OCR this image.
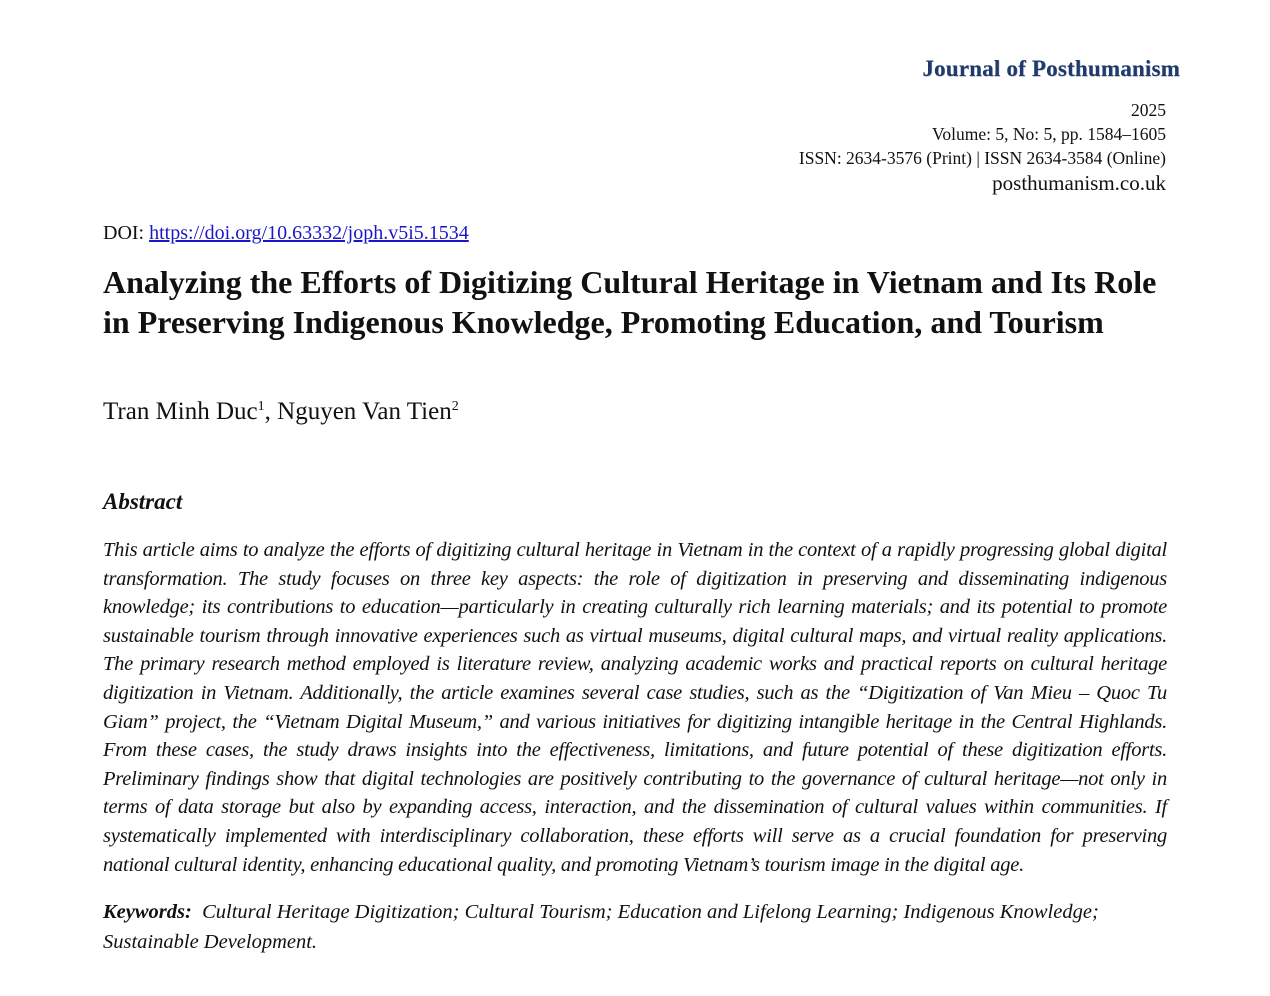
Journal of Posthumanism
2025
Volume: 5, No: 5, pp. 1584–1605
ISSN: 2634-3576 (Print) | ISSN 2634-3584 (Online)
posthumanism.co.uk
DOI: https://doi.org/10.63332/joph.v5i5.1534
Analyzing the Efforts of Digitizing Cultural Heritage in Vietnam and Its Role in Preserving Indigenous Knowledge, Promoting Education, and Tourism
Tran Minh Duc$^1$, Nguyen Van Tien$^2$
Abstract

This article aims to analyze the efforts of digitizing cultural heritage in Vietnam in the context of a rapidly progressing global digital transformation. The study focuses on three key aspects: the role of digitization in preserving and disseminating indigenous knowledge; its contributions to education—particularly in creating culturally rich learning materials; and its potential to promote sustainable tourism through innovative experiences such as virtual museums, digital cultural maps, and virtual reality applications. The primary research method employed is literature review, analyzing academic works and practical reports on cultural heritage digitization in Vietnam. Additionally, the article examines several case studies, such as the “Digitization of Van Mieu – Quoc Tu Giam” project, the “Vietnam Digital Museum,” and various initiatives for digitizing intangible heritage in the Central Highlands. From these cases, the study draws insights into the effectiveness, limitations, and future potential of these digitization efforts. Preliminary findings show that digital technologies are positively contributing to the governance of cultural heritage—not only in terms of data storage but also by expanding access, interaction, and the dissemination of cultural values within communities. If systematically implemented with interdisciplinary collaboration, these efforts will serve as a crucial foundation for preserving national cultural identity, enhancing educational quality, and promoting Vietnam’s tourism image in the digital age.

Keywords: Cultural Heritage Digitization; Cultural Tourism; Education and Lifelong Learning; Indigenous Knowledge; Sustainable Development.
